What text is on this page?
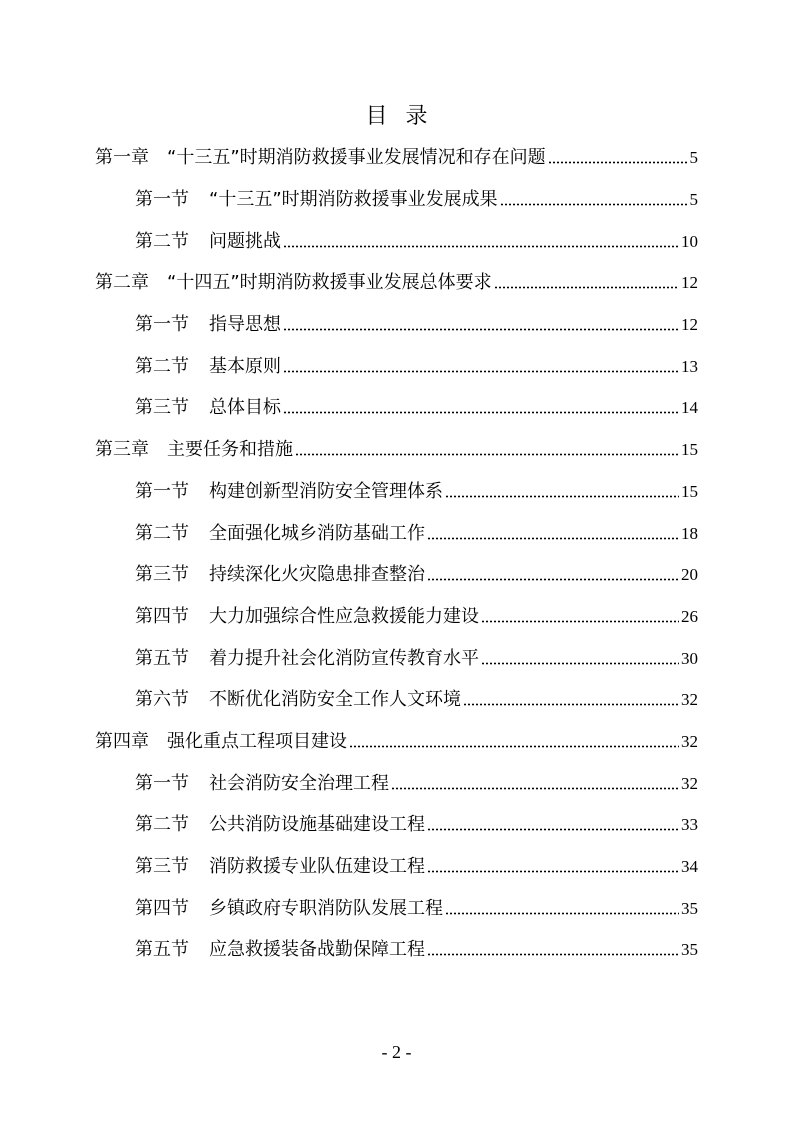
目录
第一章 “十三五”时期消防救援事业发展情况和存在问题	5
第一节 “十三五”时期消防救援事业发展成果	5
第二节 问题挑战	10
第二章 “十四五”时期消防救援事业发展总体要求	12
第一节 指导思想	12
第二节 基本原则	13
第三节 总体目标	14
第三章 主要任务和措施	15
第一节 构建创新型消防安全管理体系	15
第二节 全面强化城乡消防基础工作	18
第三节 持续深化火灾隐患排查整治	20
第四节 大力加强综合性应急救援能力建设	26
第五节 着力提升社会化消防宣传教育水平	30
第六节 不断优化消防安全工作人文环境	32
第四章 强化重点工程项目建设	32
第一节 社会消防安全治理工程	32
第二节 公共消防设施基础建设工程	33
第三节 消防救援专业队伍建设工程	34
第四节 乡镇政府专职消防队发展工程	35
第五节 应急救援装备战勤保障工程	35
- 2 -
